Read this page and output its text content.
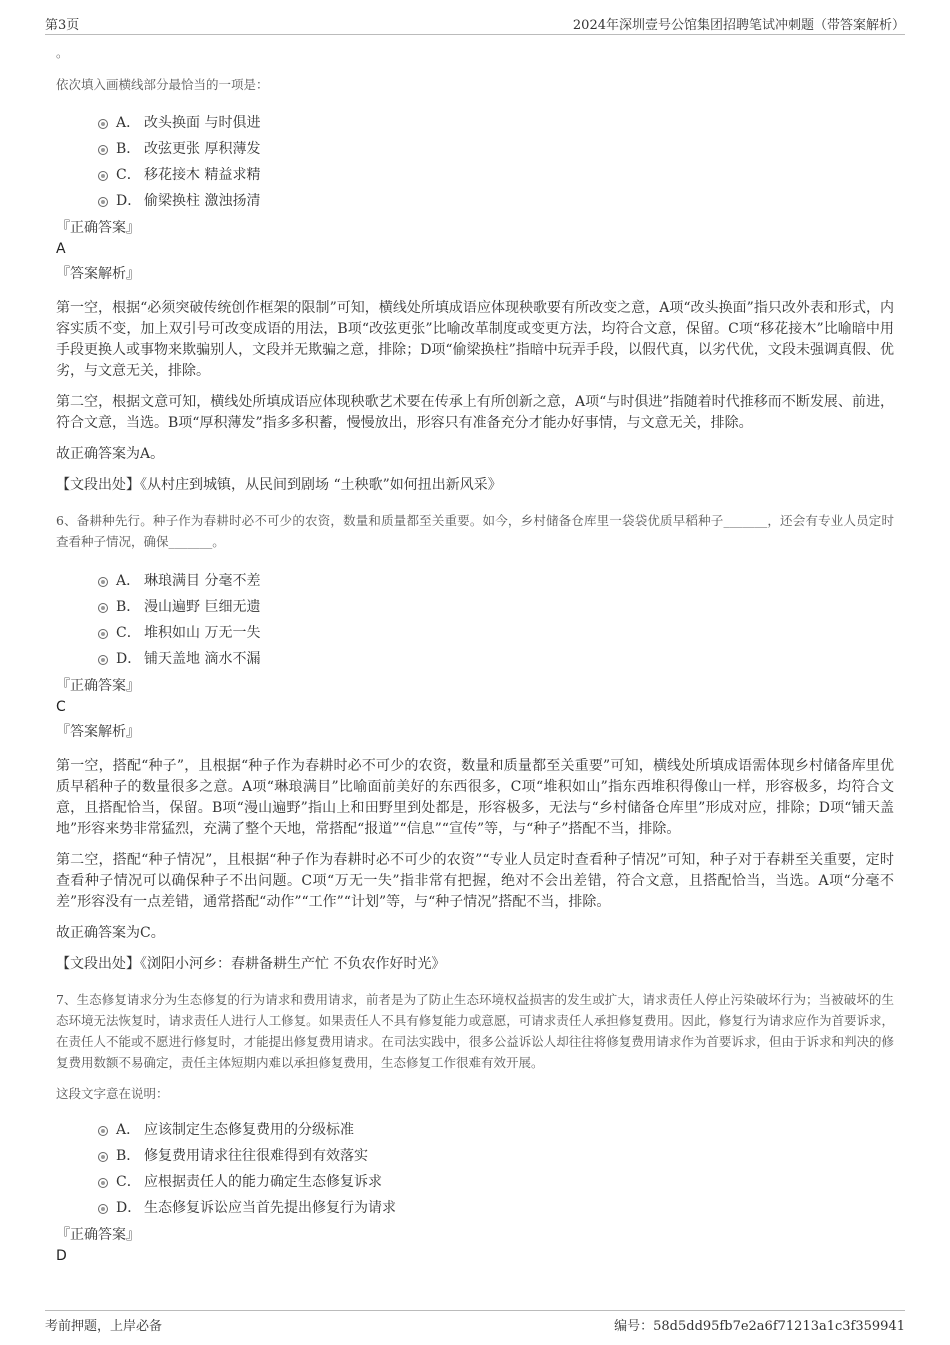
第3页	2024年深圳壹号公馆集团招聘笔试冲刺题（带答案解析）
。
依次填入画横线部分最恰当的一项是：
A． 改头换面 与时俱进
B． 改弦更张 厚积薄发
C． 移花接木 精益求精
D． 偷梁换柱 激浊扬清
『正确答案』
A
『答案解析』
第一空，根据“必须突破传统创作框架的限制”可知，横线处所填成语应体现秧歌要有所改变之意，A项“改头换面”指只改外表和形式，内容实质不变，加上双引号可改变成语的用法，B项“改弦更张”比喻改革制度或变更方法，均符合文意，保留。C项“移花接木”比喻暗中用手段更换人或事物来欺骗别人，文段并无欺骗之意，排除；D项“偷梁换柱”指暗中玩弄手段，以假代真，以劣代优，文段未强调真假、优劣，与文意无关，排除。
第二空，根据文意可知，横线处所填成语应体现秧歌艺术要在传承上有所创新之意，A项“与时俱进”指随着时代推移而不断发展、前进，符合文意，当选。B项“厚积薄发”指多多积蓄，慢慢放出，形容只有准备充分才能办好事情，与文意无关，排除。
故正确答案为A。
【文段出处】《从村庄到城镇，从民间到剧场 “土秧歌”如何扭出新风采》
6、备耕种先行。种子作为春耕时必不可少的农资，数量和质量都至关重要。如今，乡村储备仓库里一袋袋优质早稻种子_______，还会有专业人员定时查看种子情况，确保_______。
A． 琳琅满目 分毫不差
B． 漫山遍野 巨细无遗
C． 堆积如山 万无一失
D． 铺天盖地 滴水不漏
『正确答案』
C
『答案解析』
第一空，搭配“种子”，且根据“种子作为春耕时必不可少的农资，数量和质量都至关重要”可知，横线处所填成语需体现乡村储备库里优质早稻种子的数量很多之意。A项“琳琅满目”比喻面前美好的东西很多，C项“堆积如山”指东西堆积得像山一样，形容极多，均符合文意，且搭配恰当，保留。B项“漫山遍野”指山上和田野里到处都是，形容极多，无法与“乡村储备仓库里”形成对应，排除；D项“铺天盖地”形容来势非常猛烈，充满了整个天地，常搭配“报道”“信息”“宣传”等，与“种子”搭配不当，排除。
第二空，搭配“种子情况”，且根据“种子作为春耕时必不可少的农资”“专业人员定时查看种子情况”可知，种子对于春耕至关重要，定时查看种子情况可以确保种子不出问题。C项“万无一失”指非常有把握，绝对不会出差错，符合文意，且搭配恰当，当选。A项“分毫不差”形容没有一点差错，通常搭配“动作”“工作”“计划”等，与“种子情况”搭配不当，排除。
故正确答案为C。
【文段出处】《浏阳小河乡：春耕备耕生产忙 不负农作好时光》
7、生态修复请求分为生态修复的行为请求和费用请求，前者是为了防止生态环境权益损害的发生或扩大，请求责任人停止污染破坏行为；当被破坏的生态环境无法恢复时，请求责任人进行人工修复。如果责任人不具有修复能力或意愿，可请求责任人承担修复费用。因此，修复行为请求应作为首要诉求，在责任人不能或不愿进行修复时，才能提出修复费用请求。在司法实践中，很多公益诉讼人却往往将修复费用请求作为首要诉求，但由于诉求和判决的修复费用数额不易确定，责任主体短期内难以承担修复费用，生态修复工作很难有效开展。
这段文字意在说明：
A． 应该制定生态修复费用的分级标准
B． 修复费用请求往往很难得到有效落实
C． 应根据责任人的能力确定生态修复诉求
D． 生态修复诉讼应当首先提出修复行为请求
『正确答案』
D
考前押题，上岸必备	编号：58d5dd95fb7e2a6f71213a1c3f359941
